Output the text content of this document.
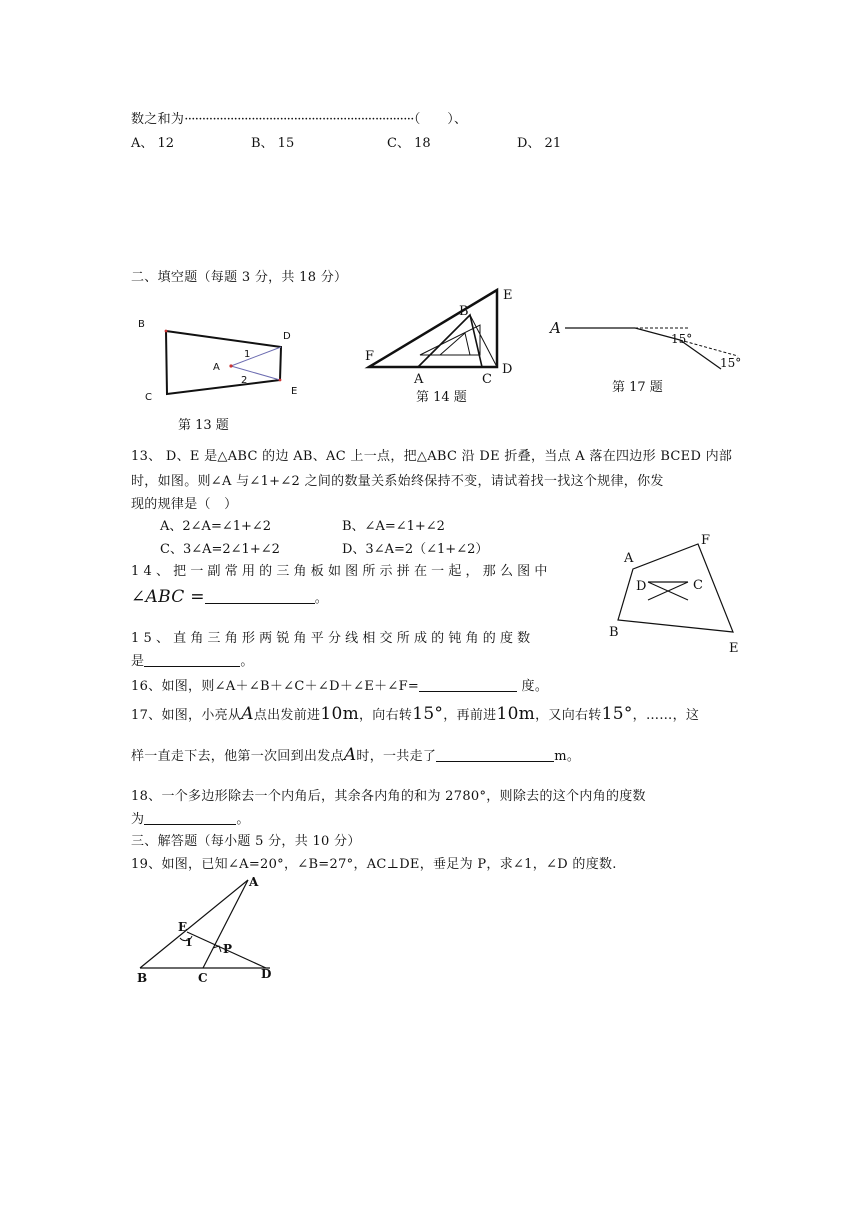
数之和为·································································（　　）、
A、 12	B、 15	C、 18	D、 21
二、填空题（每题 3 分，共 18 分）
B
D
A
1
2
C
E
第 13 题
B
E
F
A	C
D
第 14 题
A
15°
15°
第 17 题
13、 D、E 是△ABC 的边 AB、AC 上一点，把△ABC 沿 DE 折叠，当点 A 落在四边形 BCED 内部
时，如图。则∠A 与∠1+∠2 之间的数量关系始终保持不变，请试着找一找这个规律，你发
现的规律是（　）
A、2∠A=∠1+∠2	B、∠A=∠1+∠2
C、3∠A=2∠1+∠2	D、3∠A=2（∠1+∠2）
A
F
D	C
B
E
14、把一副常用的三角板如图所示拼在一起，那么图中
∠ABC =	。
15、直角三角形两锐角平分线相交所成的钝角的度数
是	。
16、如图，则∠A＋∠B＋∠C＋∠D＋∠E＋∠F=	度。
17、如图，小亮从A点出发前进10m，向右转15°，再前进10m，又向右转15°，……，这
样一直走下去，他第一次回到出发点A时，一共走了	m。
18、一个多边形除去一个内角后，其余各内角的和为 2780°，则除去的这个内角的度数
为	。
三、解答题（每小题 5 分，共 10 分）
19、如图，已知∠A=20°，∠B=27°，AC⊥DE，垂足为 P，求∠1，∠D 的度数.
A
E
1	P
B	C	D
